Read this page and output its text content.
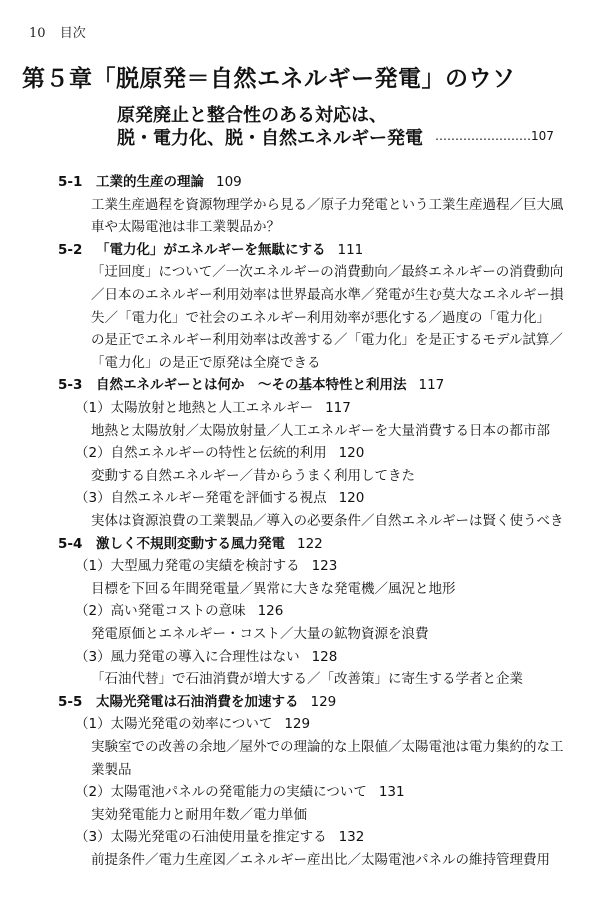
10 目次
第５章「脱原発＝自然エネルギー発電」のウソ
原発廃止と整合性のある対応は、
脱・電力化、脱・自然エネルギー発電 ……………………107
5-1 工業的生産の理論 109
工業生産過程を資源物理学から見る／原子力発電という工業生産過程／巨大風
車や太陽電池は非工業製品か？
5-2 「電力化」がエネルギーを無駄にする 111
「迂回度」について／一次エネルギーの消費動向／最終エネルギーの消費動向
／日本のエネルギー利用効率は世界最高水準／発電が生む莫大なエネルギー損
失／「電力化」で社会のエネルギー利用効率が悪化する／過度の「電力化」
の是正でエネルギー利用効率は改善する／「電力化」を是正するモデル試算／
「電力化」の是正で原発は全廃できる
5-3 自然エネルギーとは何か　〜その基本特性と利用法 117
（1）太陽放射と地熱と人工エネルギー 117
地熱と太陽放射／太陽放射量／人工エネルギーを大量消費する日本の都市部
（2）自然エネルギーの特性と伝統的利用 120
変動する自然エネルギー／昔からうまく利用してきた
（3）自然エネルギー発電を評価する視点 120
実体は資源浪費の工業製品／導入の必要条件／自然エネルギーは賢く使うべき
5-4 激しく不規則変動する風力発電 122
（1）大型風力発電の実績を検討する 123
目標を下回る年間発電量／異常に大きな発電機／風況と地形
（2）高い発電コストの意味 126
発電原価とエネルギー・コスト／大量の鉱物資源を浪費
（3）風力発電の導入に合理性はない 128
「石油代替」で石油消費が増大する／「改善策」に寄生する学者と企業
5-5 太陽光発電は石油消費を加速する 129
（1）太陽光発電の効率について 129
実験室での改善の余地／屋外での理論的な上限値／太陽電池は電力集約的な工
業製品
（2）太陽電池パネルの発電能力の実績について 131
実効発電能力と耐用年数／電力単価
（3）太陽光発電の石油使用量を推定する 132
前提条件／電力生産図／エネルギー産出比／太陽電池パネルの維持管理費用
